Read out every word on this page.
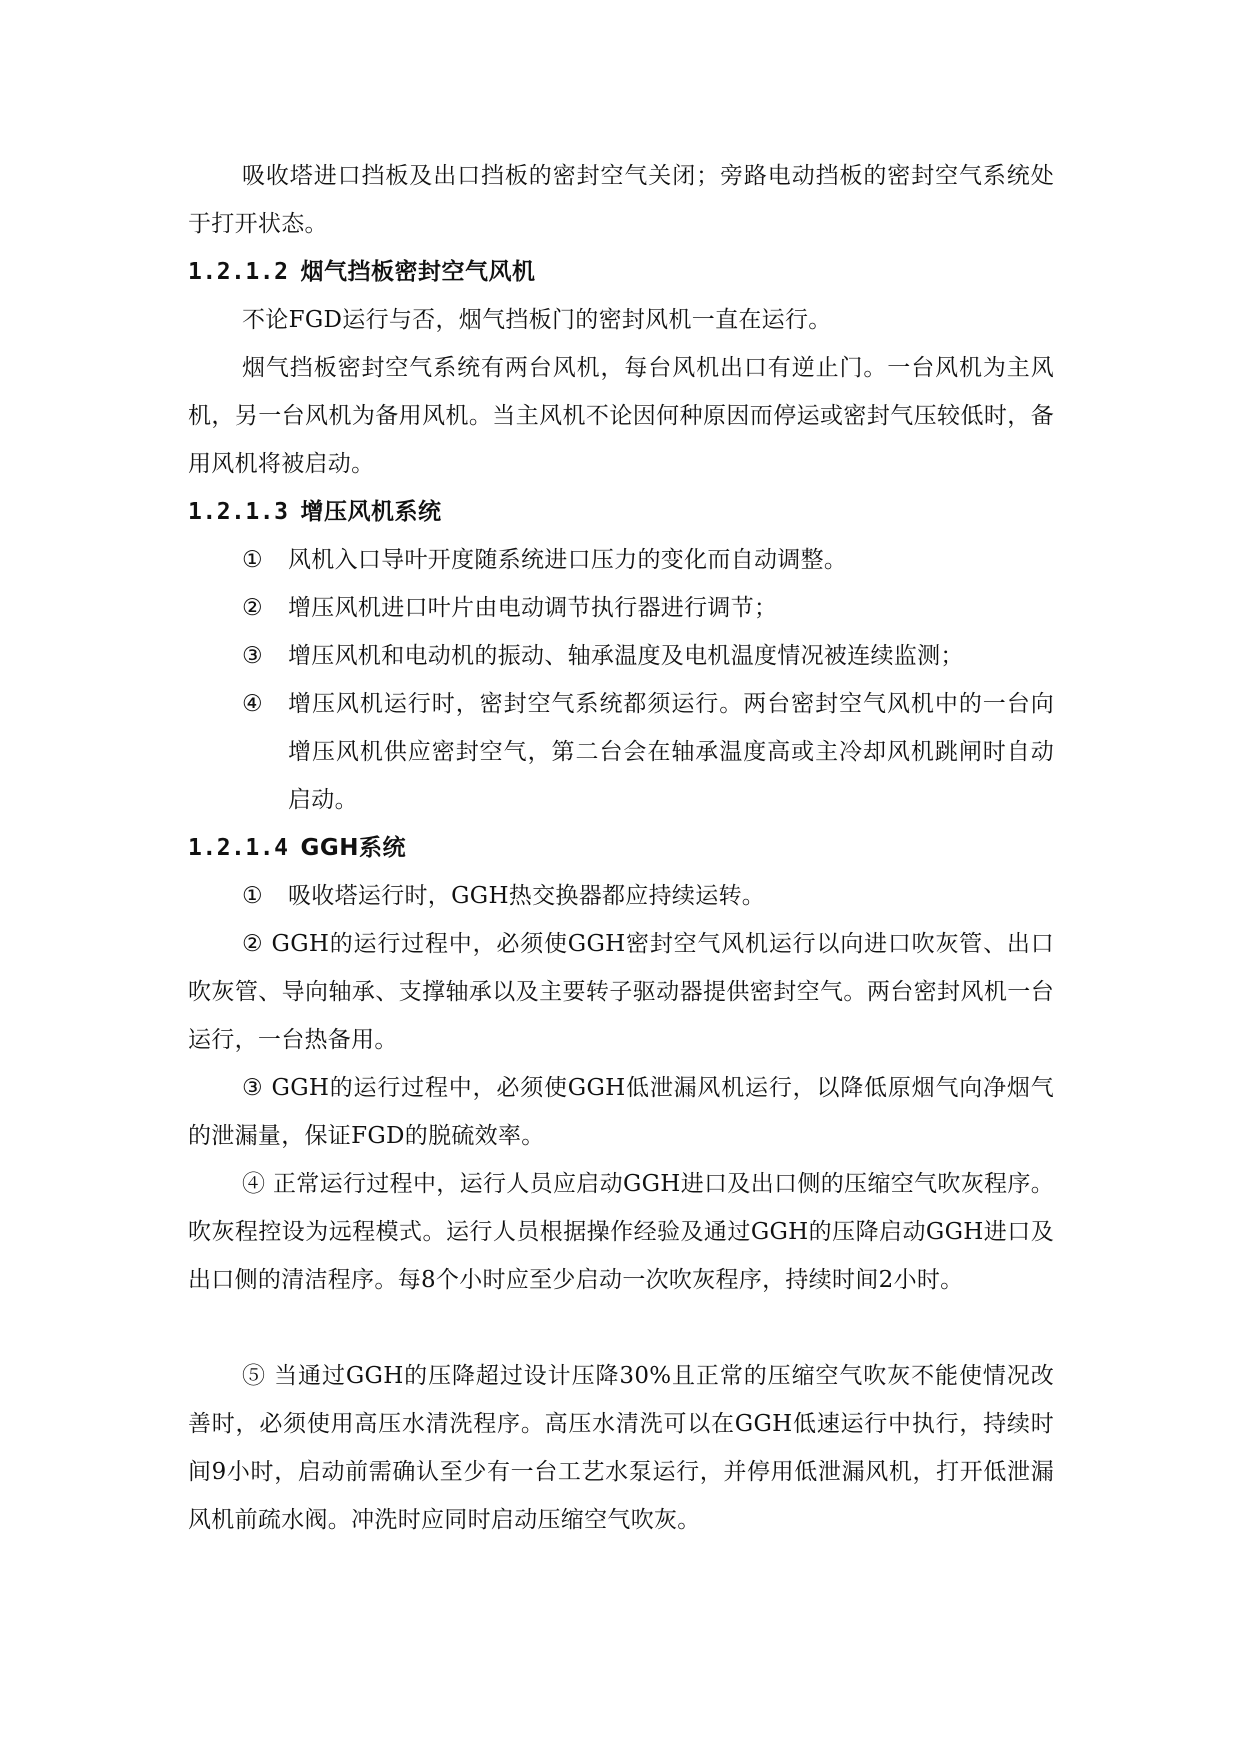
吸收塔进口挡板及出口挡板的密封空气关闭；旁路电动挡板的密封空气系统处于打开状态。

1.2.1.2 烟气挡板密封空气风机

不论FGD运行与否，烟气挡板门的密封风机一直在运行。

烟气挡板密封空气系统有两台风机，每台风机出口有逆止门。一台风机为主风机，另一台风机为备用风机。当主风机不论因何种原因而停运或密封气压较低时，备用风机将被启动。

1.2.1.3 增压风机系统
①	风机入口导叶开度随系统进口压力的变化而自动调整。
②	增压风机进口叶片由电动调节执行器进行调节；
③	增压风机和电动机的振动、轴承温度及电机温度情况被连续监测；
④	增压风机运行时，密封空气系统都须运行。两台密封空气风机中的一台向增压风机供应密封空气，第二台会在轴承温度高或主冷却风机跳闸时自动启动。
1.2.1.4 GGH系统
①	吸收塔运行时，GGH热交换器都应持续运转。

② GGH的运行过程中，必须使GGH密封空气风机运行以向进口吹灰管、出口吹灰管、导向轴承、支撑轴承以及主要转子驱动器提供密封空气。两台密封风机一台运行，一台热备用。

③ GGH的运行过程中，必须使GGH低泄漏风机运行，以降低原烟气向净烟气的泄漏量，保证FGD的脱硫效率。

④ 正常运行过程中，运行人员应启动GGH进口及出口侧的压缩空气吹灰程序。吹灰程控设为远程模式。运行人员根据操作经验及通过GGH的压降启动GGH进口及出口侧的清洁程序。每8个小时应至少启动一次吹灰程序，持续时间2小时。

⑤ 当通过GGH的压降超过设计压降30%且正常的压缩空气吹灰不能使情况改善时，必须使用高压水清洗程序。高压水清洗可以在GGH低速运行中执行，持续时间9小时，启动前需确认至少有一台工艺水泵运行，并停用低泄漏风机，打开低泄漏风机前疏水阀。冲洗时应同时启动压缩空气吹灰。
